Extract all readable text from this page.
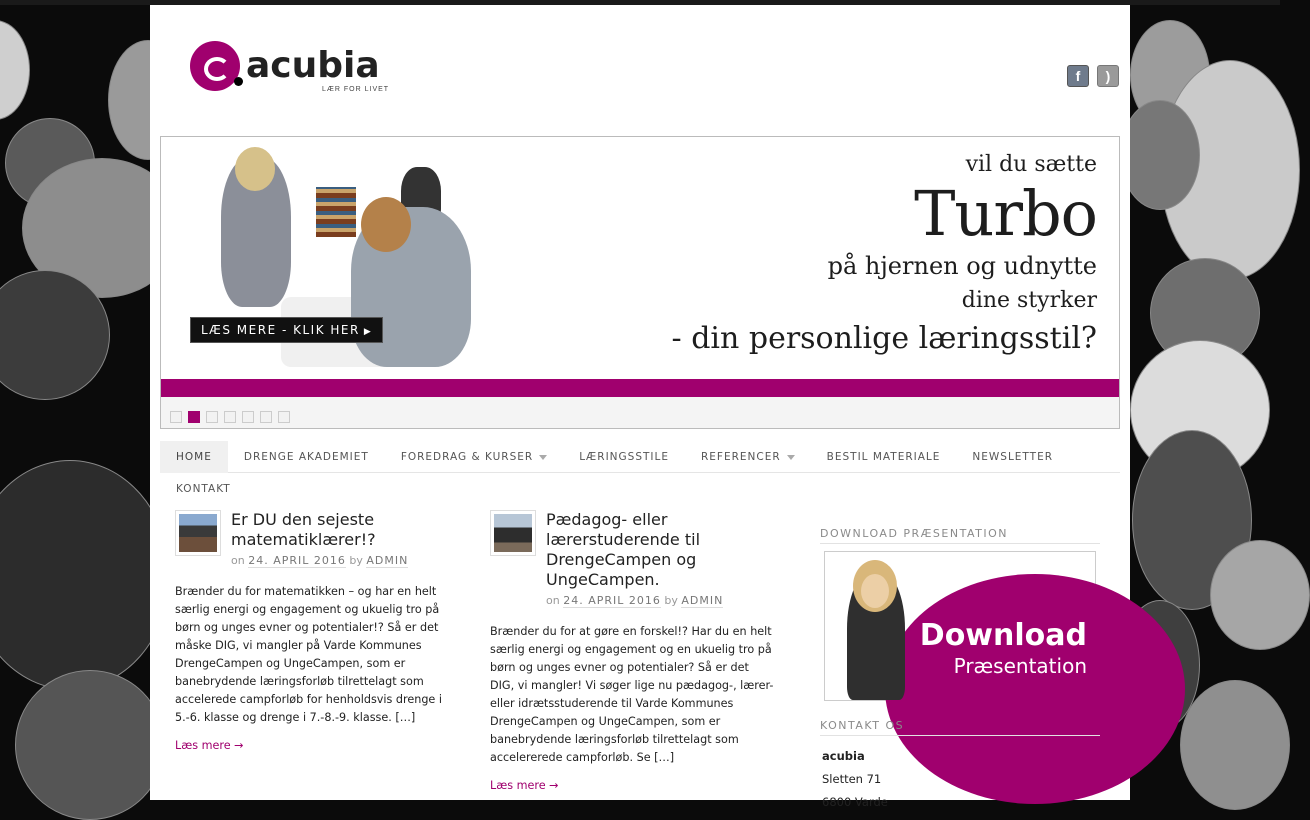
acubia
LÆR FOR LIVET
f	)
LÆS MERE - KLIK HER ▶
vil du sætte
Turbo
på hjernen og udnytte
dine styrker
- din personlige læringsstil?
HOME	DRENGE AKADEMIET	FOREDRAG & KURSER	LÆRINGSSTILE	REFERENCER	BESTIL MATERIALE	NEWSLETTER
KONTAKT
Er DU den sejeste matematiklærer!?
on 24. APRIL 2016 by ADMIN
Brænder du for matematikken – og har en helt særlig energi og engagement og ukuelig tro på børn og unges evner og potentialer!? Så er det måske DIG, vi mangler på Varde Kommunes DrengeCampen og UngeCampen, som er banebrydende læringsforløb tilrettelagt som accelerede campforløb for henholdsvis drenge i 5.-6. klasse og drenge i 7.-8.-9. klasse. […]
Læs mere →
Pædagog- eller lærerstuderende til DrengeCampen og UngeCampen.
on 24. APRIL 2016 by ADMIN
Brænder du for at gøre en forskel!? Har du en helt særlig energi og engagement og en ukuelig tro på børn og unges evner og potentialer? Så er det DIG, vi mangler! Vi søger lige nu pædagog-, lærer- eller idrætsstuderende til Varde Kommunes DrengeCampen og UngeCampen, som er banebrydende læringsforløb tilrettelagt som accelererede campforløb. Se […]
Læs mere →
DOWNLOAD PRÆSENTATION
Download
Præsentation
KONTAKT OS
acubia
Sletten 71
6800 Varde
